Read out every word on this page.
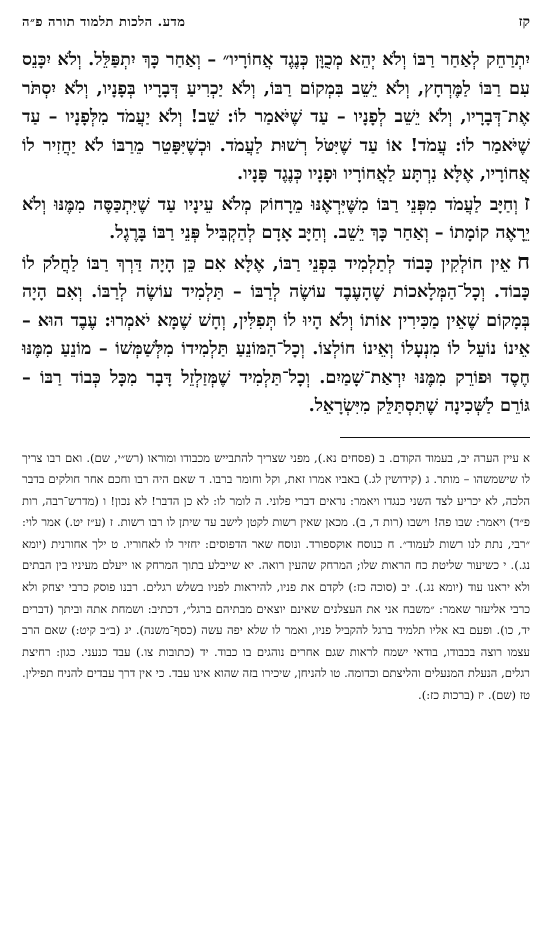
קז
מדע. הלכות תלמוד תורה פ״ה

יִתְרַחֵק לְאַחַר רַבּוֹ וְלֹא יְהֵא מְכֻוָּן כְּנֶגֶד אֲחוֹרָיו״ – וְאַחַר כָּךְ יִתְפַּלֵּל. וְלֹא יִכָּנֵס עִם רַבּוֹ לַמֶּרְחָץ, וְלֹא יֵשֵׁב בִּמְקוֹם רַבּוֹ, וְלֹא יַכְרִיעַ דְּבָרָיו בְּפָנָיו, וְלֹא יִסְתֹּר אֶת־דְּבָרָיו, וְלֹא יֵשֵׁב לְפָנָיו – עַד שֶׁיֹּאמַר לוֹ: שֵׁב! וְלֹא יַעֲמֹד מִלְּפָנָיו – עַד שֶׁיֹּאמַר לוֹ: עֲמֹד! אוֹ עַד שֶׁיִּטֹּל רְשׁוּת לַעֲמֹד. וּכְשֶׁיִּפָּטֵר מֵרַבּוֹ לֹא יַחֲזִיר לוֹ אֲחוֹרָיו, אֶלָּא נִרְתָּע לַאֲחוֹרָיו וּפָנָיו כְּנֶגֶד פָּנָיו.

זוְחַיָּב לַעֲמֹד מִפְּנֵי רַבּוֹ מִשֶּׁיִּרְאֶנּוּ מֵרָחוֹק מְלֹא עֵינָיו עַד שֶׁיִּתְכַּסֶּה מִמֶּנּוּ וְלֹא יֵרָאֶה קוֹמָתוֹ – וְאַחַר כָּךְ יֵשֵׁב. וְחַיָּב אָדָם לְהַקְבִּיל פְּנֵי רַבּוֹ בָּרֶגֶל.

חאֵין חוֹלְקִין כָּבוֹד לְתַלְמִיד בִּפְנֵי רַבּוֹ, אֶלָּא אִם כֵּן הָיָה דַּרְךְ רַבּוֹ לַחֲלֹק לוֹ כָּבוֹד. וְכָל־הַמְּלָאכוֹת שֶׁהָעֶבֶד עוֹשֶׂה לְרַבּוֹ – תַּלְמִיד עוֹשֶׂה לְרַבּוֹ. וְאִם הָיָה בְּמָקוֹם שֶׁאֵין מַכִּירִין אוֹתוֹ וְלֹא הָיוּ לוֹ תְּפִלִּין, וְחָשׁ שֶׁמָּא יֹאמְרוּ: עֶבֶד הוּא – אֵינוֹ נוֹעֵל לוֹ מִנְעָלוֹ וְאֵינוֹ חוֹלְצוֹ. וְכָל־הַמּוֹנֵעַ תַּלְמִידוֹ מִלְּשַׁמְּשׁוֹ – מוֹנֵעַ מִמֶּנּוּ חֶסֶד וּפוֹרֵק מִמֶּנּוּ יִרְאַת־שָׁמַיִם. וְכָל־תַּלְמִיד שֶׁמְּזַלְזֵל דָּבָר מִכָּל כְּבוֹד רַבּוֹ – גּוֹרֵם לַשְּׁכִינָה שֶׁתִּסְתַּלֵּק מִיִּשְׂרָאֵל.

א עיין הערה יב, בעמוד הקודם. ב (פסחים נא.), מפני שצריך להתבייש מכבודו ומוראו (רש״י, שם). ואם רבו צריך לו שישמשהו – מותר. ג (קידושין לג.) באביו אמרו זאת, וקל וחומר ברבו. ד שאם היה רבו וחכם אחר חולקים בדבר הלכה, לא יכריע לצד השני כנגדו ויאמר: נראים דברי פלוני. ה לומר לו: לא כן הדבר! לא נכון! ו (מדרש־רבה, רות פ״ד) ויאמר: שבו פה! וישבו (רות ד, ב). מכאן שאין רשות לקטן לישב עד שיתן לו רבו רשות. ז (ע״ז יט.) אמר לוי: ״רבי, נתת לנו רשות לעמוד״. ח כנוסח אוקספורד. ונוסח שאר הדפוסים: יחזיר לו לאחוריו. ט ילך אחורנית (יומא נג.). י כשיעור שליטת כח הראות שלו; המרחק שהעין רואה. יא שייבלע בתוך המרחק או ייעלם מעיניו בין הבתים ולא יראנו עוד (יומא נג.). יב (סוכה כז:) לקדם את פניו, להיראות לפניו בשלש רגלים. רבנו פוסק כרבי יצחק ולא כרבי אליעזר שאמר: ״משבח אני את העצלנים שאינם יוצאים מבתיהם ברגל״, דכתיב: ושמחת אתה וביתך (דברים יד, כו). ופעם בא אליו תלמיד ברגל להקביל פניו, ואמר לו שלא יפה עשה (כסף־משנה). יג (ב״ב קיט:) שאם הרב עצמו רוצה בכבודו, בודאי ישמח לראות שגם אחרים נוהגים בו כבוד. יד (כתובות צו.) עבד כנעני. כגון: רחיצת רגלים, הנעלת המנעלים והליצתם וכדומה. טו להניחן, שיכירו בזה שהוא אינו עבד. כי אין דרך עבדים להניח תפילין. טז (שם). יז (ברכות כז:).
